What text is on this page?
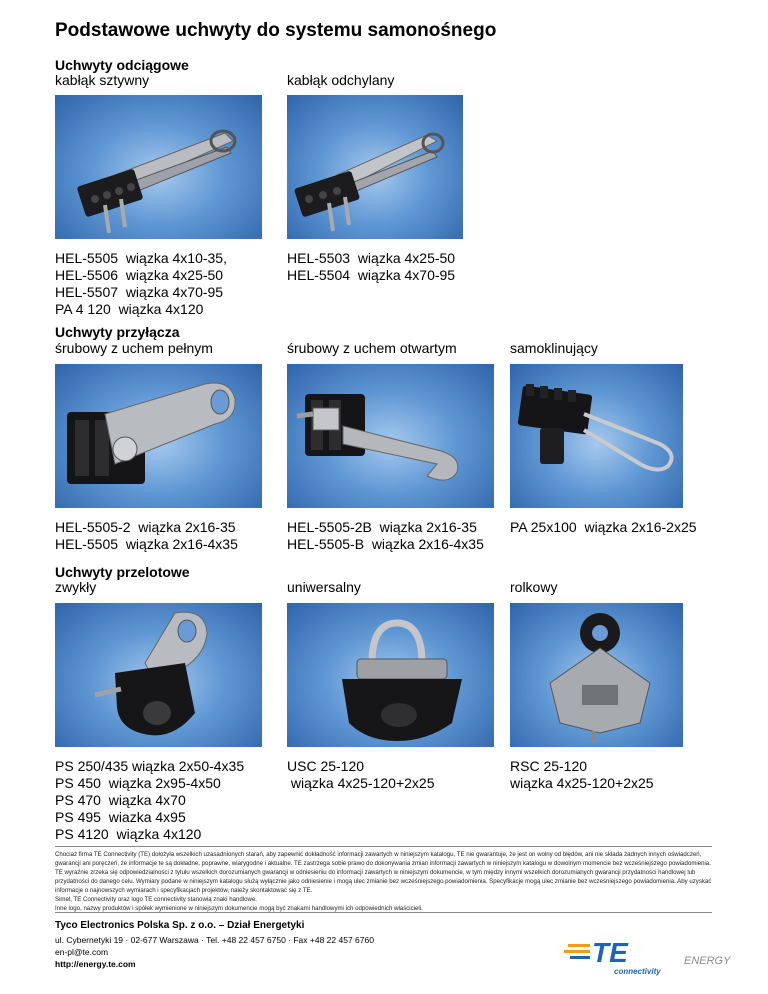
Podstawowe uchwyty do systemu samonośnego
Uchwyty odciągowe
kabłąk sztywny	kabłąk odchylany
HEL-5505  wiązka 4x10-35,
HEL-5506  wiązka 4x25-50
HEL-5507  wiązka 4x70-95
PA 4 120  wiązka 4x120
HEL-5503  wiązka 4x25-50
HEL-5504  wiązka 4x70-95
Uchwyty przyłącza
śrubowy z uchem pełnym	śrubowy z uchem otwartym	samoklinujący
HEL-5505-2  wiązka 2x16-35
HEL-5505  wiązka 2x16-4x35
HEL-5505-2B  wiązka 2x16-35
HEL-5505-B  wiązka 2x16-4x35
PA 25x100  wiązka 2x16-2x25
Uchwyty przelotowe
zwykły	uniwersalny	rolkowy
PS 250/435 wiązka 2x50-4x35
PS 450  wiązka 2x95-4x50
PS 470  wiązka 4x70
PS 495  wiazka 4x95
PS 4120  wiązka 4x120
USC 25-120
wiązka 4x25-120+2x25
RSC 25-120
wiązka 4x25-120+2x25

Chociaż firma TE Connectivity (TE) dołożyła wszelkich uzasadnionych starań, aby zapewnić dokładność informacji zawartych w niniejszym katalogu, TE nie gwarantuje, że jest on wolny od błędów, ani nie składa żadnych innych oświadczeń, gwarancji ani poręczeń, że informacje te są dokładne, poprawne, wiarygodne i aktualne. TE zastrzega sobie prawo do dokonywania zmian informacji zawartych w niniejszym katalogu w dowolnym momencie bez wcześniejszego powiadomienia. TE wyraźnie zrzeka się odpowiedzialności z tytułu wszelkich dorozumianych gwarancji w odniesieniu do informacji zawartych w niniejszym dokumencie, w tym między innymi wszelkich dorozumianych gwarancji przydatności handlowej lub przydatności do danego celu. Wymiary podane w niniejszym katalogu służą wyłącznie jako odniesienie i mogą ulec zmianie bez wcześniejszego powiadomienia. Specyfikacje mogą ulec zmianie bez wcześniejszego powiadomienia. Aby uzyskać informacje o najnowszych wymiarach i specyfikacjach projektów, należy skontaktować się z TE.

Simel, TE Connectivity oraz logo TE connectivity stanowią znaki handlowe.

Inne logo, nazwy produktów i spółek wymienione w niniejszym dokumencie mogą być znakami handlowymi ich odpowiednich właścicieli.

Tyco Electronics Polska Sp. z o.o. – Dział Energetyki
ul. Cybernetyki 19 · 02-677 Warszawa · Tel. +48 22 457 6750 · Fax +48 22 457 6760
en-pl@te.com
http://energy.te.com	TE
connectivity
ENERGY
